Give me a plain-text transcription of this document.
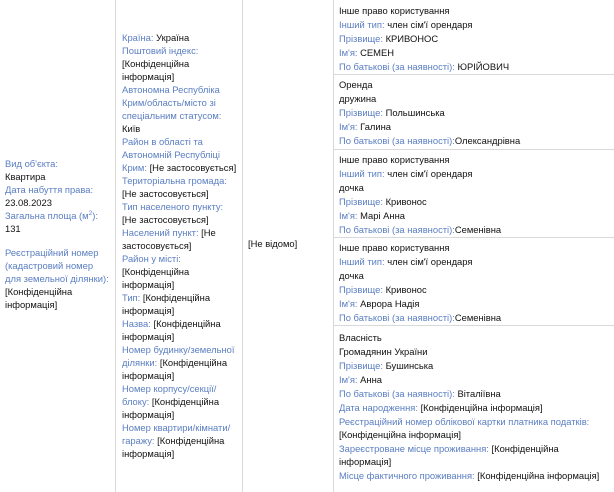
Вид об'єкта:
Квартира
Дата набуття права:
23.08.2023
Загальна площа $(м^2)$:
131
Реєстраційний номер (кадастровий номер для земельної ділянки):
[Конфіденційна інформація]
Країна: Україна
Поштовий індекс:
[Конфіденційна інформація]
Автономна Республіка Крим/область/місто зі спеціальним статусом:
Київ
Район в області та Автономній Республіці Крим: [Не застосовується]
Територіальна громада:
[Не застосовується]
Тип населеного пункту:
[Не застосовується]
Населений пункт: [Не застосовується]
Район у місті:
[Конфіденційна інформація]
Тип: [Конфіденційна інформація]
Назва: [Конфіденційна інформація]
Номер будинку/земельної ділянки: [Конфіденційна інформація]
Номер корпусу/секції/блоку: [Конфіденційна інформація]
Номер квартири/кімнати/гаражу: [Конфіденційна інформація]
[Не відомо]
Інше право користування
Інший тип: член сім'ї орендаря
Прізвище: КРИВОНОС
Ім'я: СЕМЕН
По батькові (за наявності): ЮРІЙОВИЧ
Оренда
дружина
Прізвище: Польшинська
Ім'я: Галина
По батькові (за наявності):Олександрівна
Інше право користування
Інший тип: член сім'ї орендаря
дочка
Прізвище: Кривонос
Ім'я: Марі Анна
По батькові (за наявності):Семенівна
Інше право користування
Інший тип: член сім'ї орендаря
дочка
Прізвище: Кривонос
Ім'я: Аврора Надія
По батькові (за наявності):Семенівна
Власність
Громадянин України
Прізвище: Бушинська
Ім'я: Анна
По батькові (за наявності): Віталіївна
Дата народження: [Конфіденційна інформація]
Реєстраційний номер облікової картки платника податків:
[Конфіденційна інформація]
Зареєстроване місце проживання: [Конфіденційна інформація]
Місце фактичного проживання: [Конфіденційна інформація]
